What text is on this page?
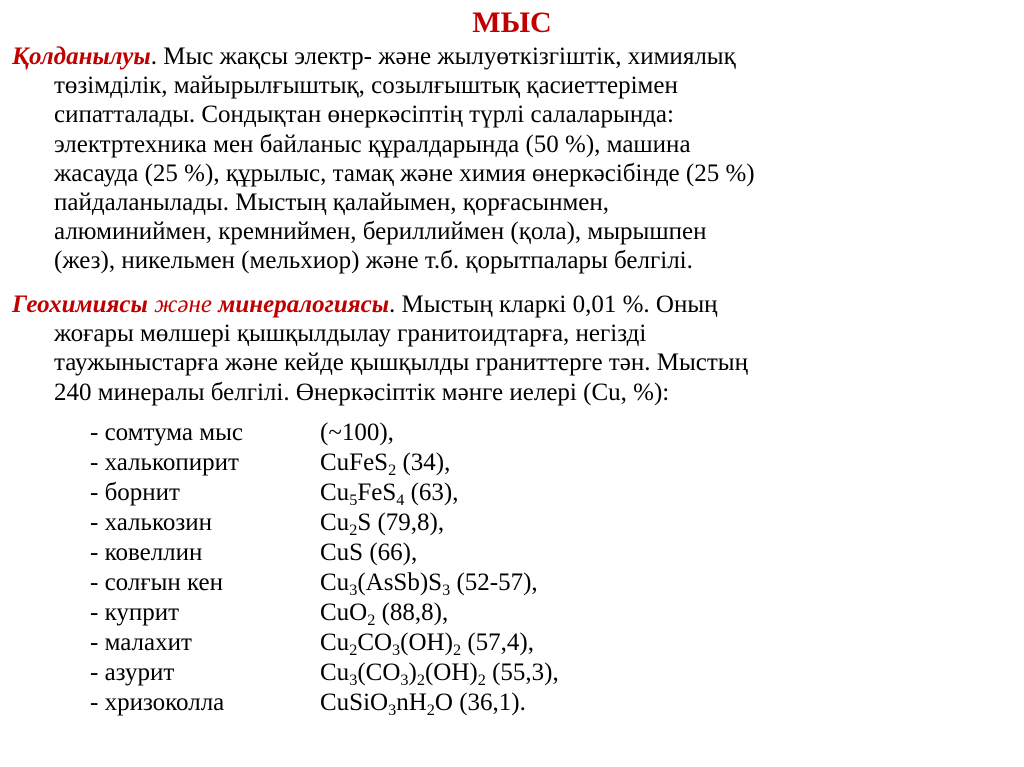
МЫС
Қолданылуы. Мыс жақсы электр- және жылуөткізгіштік, химиялық
төзімділік, майырылғыштық, созылғыштық қасиеттерімен
сипатталады. Сондықтан өнеркәсіптің түрлі салаларында:
электртехника мен байланыс құралдарында (50 %), машина
жасауда (25 %), құрылыс, тамақ және химия өнеркәсібінде (25 %)
пайдаланылады. Мыстың қалайымен, қорғасынмен,
алюминиймен, кремниймен, бериллиймен (қола), мырышпен
(жез), никельмен (мельхиор) және т.б. қорытпалары белгілі.
Геохимиясы және минералогиясы. Мыстың кларкі 0,01 %. Оның
жоғары мөлшері қышқылдылау гранитоидтарға, негізді
таужыныстарға және кейде қышқылды граниттерге тән. Мыстың
240 минералы белгілі. Өнеркәсіптік мәнге иелері (Cu, %):
- сомтума мыс	(~100),
- халькопирит	CuFeS$_2$ (34),
- борнит	$Cu_5FeS_4$ (63),
- халькозин	$Cu_2S$ (79,8),
- ковеллин	CuS (66),
- солғын кен	$Cu_3(AsSb)S_3$ (52-57),
- куприт	CuO$_2$ (88,8),
- малахит	$Cu_2CO_3(OH)_2$ (57,4),
- азурит	$Cu_3(CO_3)_2(OH)_2$ (55,3),
- хризоколла	$CuSiO_3nH_2O$ (36,1).
